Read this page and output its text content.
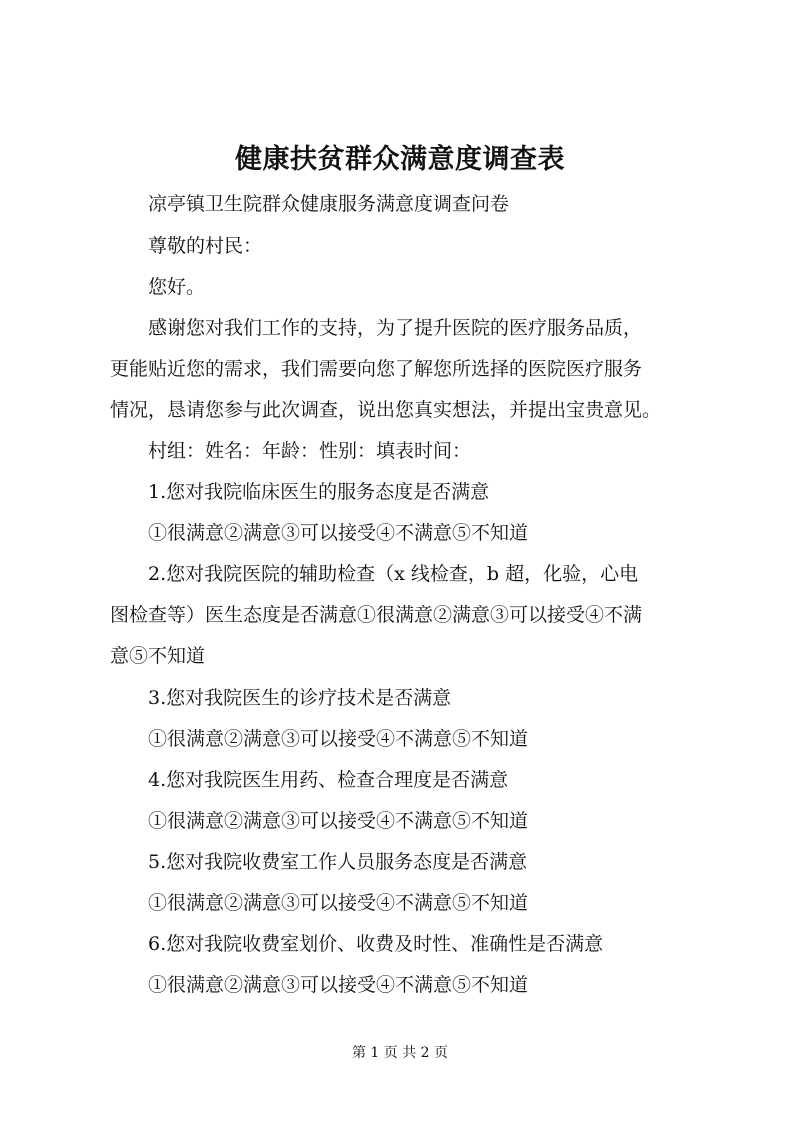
健康扶贫群众满意度调查表
凉亭镇卫生院群众健康服务满意度调查问卷
尊敬的村民：
您好。
感谢您对我们工作的支持，为了提升医院的医疗服务品质，
更能贴近您的需求，我们需要向您了解您所选择的医院医疗服务
情况，恳请您参与此次调查，说出您真实想法，并提出宝贵意见。
村组：姓名：年龄：性别：填表时间：
1.您对我院临床医生的服务态度是否满意
①很满意②满意③可以接受④不满意⑤不知道
2.您对我院医院的辅助检查（x 线检查，b 超，化验，心电
图检查等）医生态度是否满意①很满意②满意③可以接受④不满
意⑤不知道
3.您对我院医生的诊疗技术是否满意
①很满意②满意③可以接受④不满意⑤不知道
4.您对我院医生用药、检查合理度是否满意
①很满意②满意③可以接受④不满意⑤不知道
5.您对我院收费室工作人员服务态度是否满意
①很满意②满意③可以接受④不满意⑤不知道
6.您对我院收费室划价、收费及时性、准确性是否满意
①很满意②满意③可以接受④不满意⑤不知道
第 1 页 共 2 页
